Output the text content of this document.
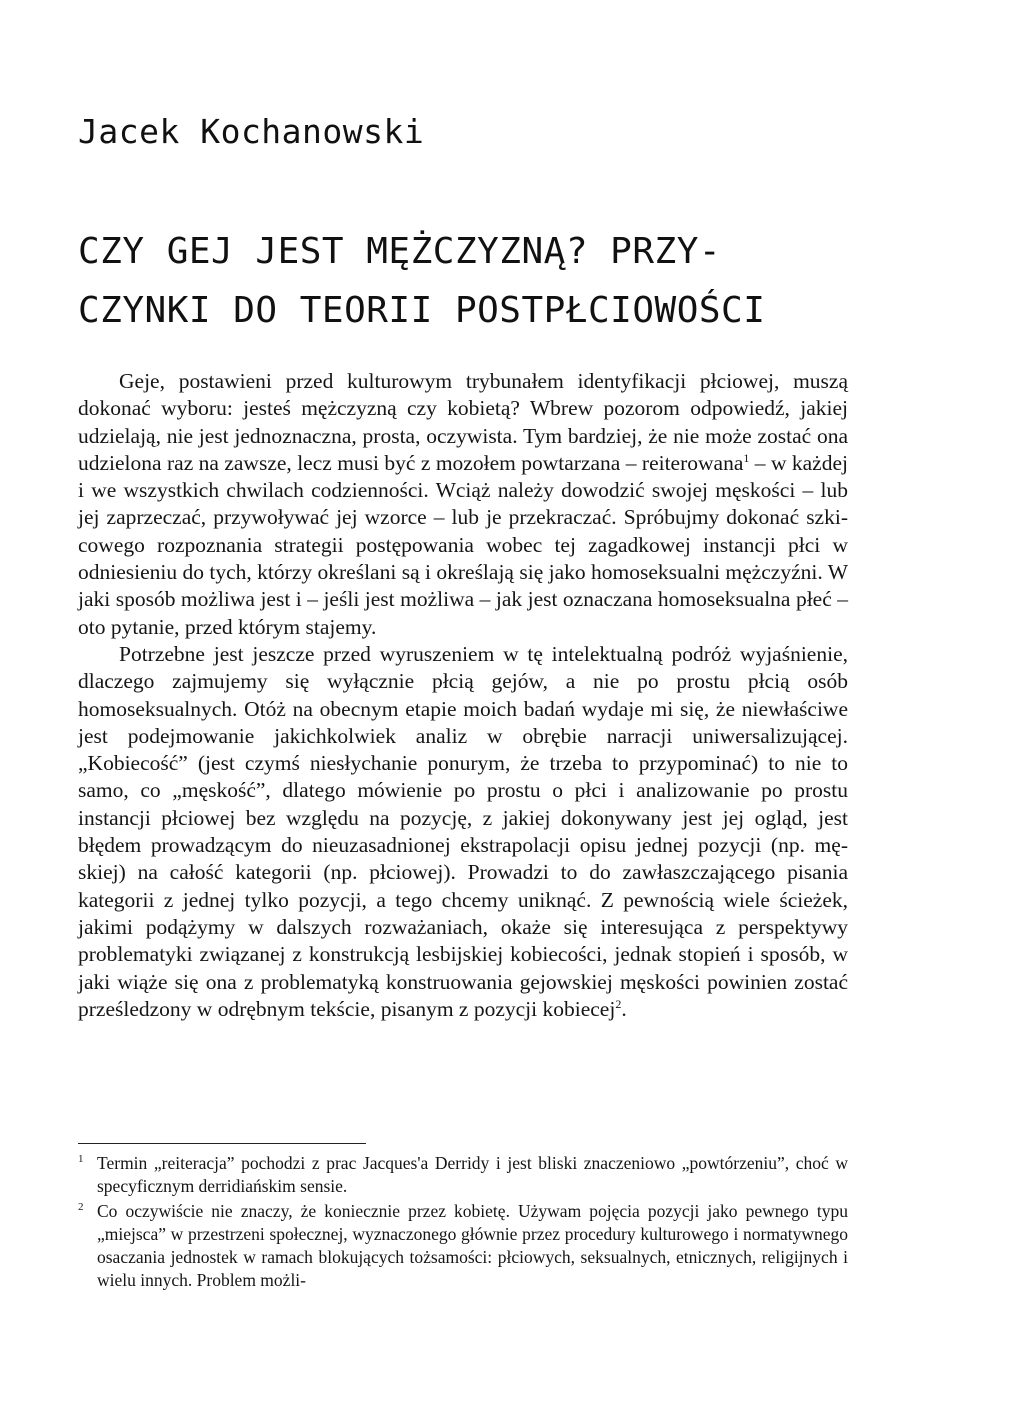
Jacek Kochanowski
CZY GEJ JEST MĘŻCZYZNĄ? PRZY-
CZYNKI DO TEORII POSTPŁCIOWOŚCI

Geje, postawieni przed kulturowym trybunałem identyfikacji płciowej, muszą dokonać wyboru: jesteś mężczyzną czy kobietą? Wbrew pozorom odpowiedź, jakiej udzielają, nie jest jednoznaczna, prosta, oczywista. Tym bardziej, że nie może zostać ona udzielona raz na zawsze, lecz musi być z mozołem powtarzana – reiterowana$^1$ – w każdej i we wszystkich chwilach codzienności. Wciąż należy dowodzić swojej męskości – lub jej zaprzeczać, przywoływać jej wzorce – lub je przekraczać. Spróbujmy dokonać szkicowego rozpoznania strategii postępowania wobec tej zagadkowej instancji płci w odniesieniu do tych, którzy określani są i określają się jako homoseksualni mężczyźni. W jaki sposób możliwa jest i – jeśli jest możliwa – jak jest oznaczana homoseksualna płeć – oto pytanie, przed którym stajemy.

Potrzebne jest jeszcze przed wyruszeniem w tę intelektualną podróż wyjaśnienie, dlaczego zajmujemy się wyłącznie płcią gejów, a nie po prostu płcią osób homoseksualnych. Otóż na obecnym etapie moich badań wydaje mi się, że niewłaściwe jest podejmowanie jakichkolwiek analiz w obrębie narracji uniwersalizującej. „Kobiecość” (jest czymś niesłychanie ponurym, że trzeba to przypominać) to nie to samo, co „męskość”, dlatego mówienie po prostu o płci i analizowanie po prostu instancji płciowej bez względu na pozycję, z jakiej dokonywany jest jej ogląd, jest błędem prowadzącym do nieuzasadnionej ekstrapolacji opisu jednej pozycji (np. męskiej) na całość kategorii (np. płciowej). Prowadzi to do zawłaszczającego pisania kategorii z jednej tylko pozycji, a tego chcemy uniknąć. Z pewnością wiele ścieżek, jakimi podążymy w dalszych rozważaniach, okaże się interesująca z perspektywy problematyki związanej z konstrukcją lesbijskiej kobiecości, jednak stopień i sposób, w jaki wiąże się ona z problematyką konstruowania gejowskiej męskości powinien zostać prześledzony w odrębnym tekście, pisanym z pozycji kobiecej$^2$.

1 Termin „reiteracja” pochodzi z prac Jacques'a Derridy i jest bliski znaczeniowo „powtórzeniu”, choć w specyficznym derridiańskim sensie.
2 Co oczywiście nie znaczy, że koniecznie przez kobietę. Używam pojęcia pozycji jako pewnego typu „miejsca” w przestrzeni społecznej, wyznaczonego głównie przez procedury kulturowego i normatywnego osaczania jednostek w ramach blokujących tożsamości: płciowych, seksualnych, etnicznych, religijnych i wielu innych. Problem możli-
